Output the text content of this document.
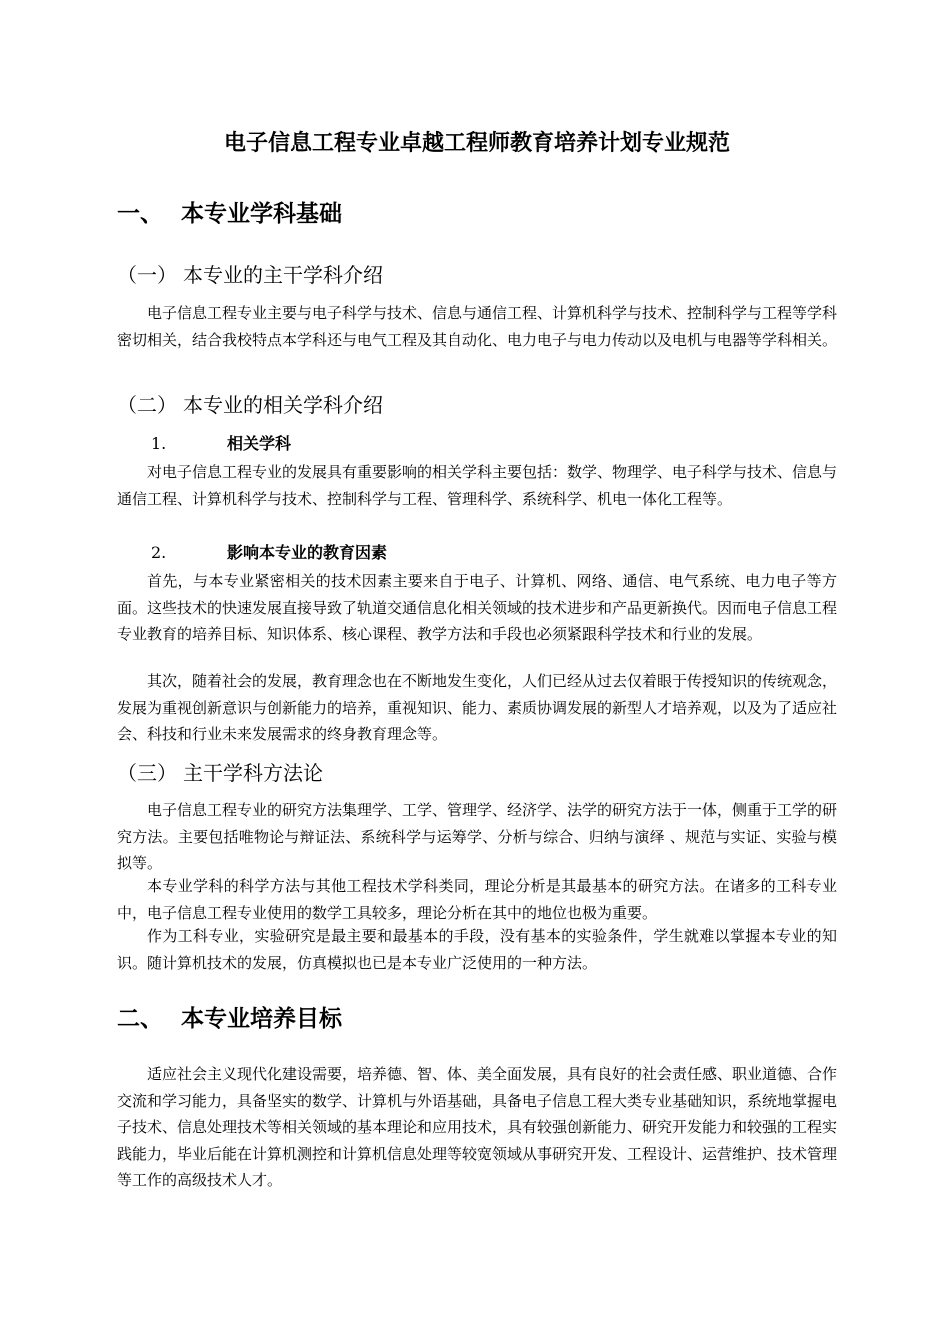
电子信息工程专业卓越工程师教育培养计划专业规范
一、 本专业学科基础
（一） 本专业的主干学科介绍

电子信息工程专业主要与电子科学与技术、信息与通信工程、计算机科学与技术、控制科学与工程等学科密切相关，结合我校特点本学科还与电气工程及其自动化、电力电子与电力传动以及电机与电器等学科相关。

（二） 本专业的相关学科介绍
1.	相关学科

对电子信息工程专业的发展具有重要影响的相关学科主要包括：数学、物理学、电子科学与技术、信息与通信工程、计算机科学与技术、控制科学与工程、管理科学、系统科学、机电一体化工程等。

2.	影响本专业的教育因素

首先，与本专业紧密相关的技术因素主要来自于电子、计算机、网络、通信、电气系统、电力电子等方面。这些技术的快速发展直接导致了轨道交通信息化相关领域的技术进步和产品更新换代。因而电子信息工程专业教育的培养目标、知识体系、核心课程、教学方法和手段也必须紧跟科学技术和行业的发展。

其次，随着社会的发展，教育理念也在不断地发生变化，人们已经从过去仅着眼于传授知识的传统观念，发展为重视创新意识与创新能力的培养，重视知识、能力、素质协调发展的新型人才培养观，以及为了适应社会、科技和行业未来发展需求的终身教育理念等。

（三） 主干学科方法论

电子信息工程专业的研究方法集理学、工学、管理学、经济学、法学的研究方法于一体，侧重于工学的研究方法。主要包括唯物论与辩证法、系统科学与运筹学、分析与综合、归纳与演绎 、规范与实证、实验与模拟等。

本专业学科的科学方法与其他工程技术学科类同，理论分析是其最基本的研究方法。在诸多的工科专业中，电子信息工程专业使用的数学工具较多，理论分析在其中的地位也极为重要。

作为工科专业，实验研究是最主要和最基本的手段，没有基本的实验条件，学生就难以掌握本专业的知识。随计算机技术的发展，仿真模拟也已是本专业广泛使用的一种方法。

二、 本专业培养目标

适应社会主义现代化建设需要，培养德、智、体、美全面发展，具有良好的社会责任感、职业道德、合作交流和学习能力，具备坚实的数学、计算机与外语基础，具备电子信息工程大类专业基础知识，系统地掌握电子技术、信息处理技术等相关领域的基本理论和应用技术，具有较强创新能力、研究开发能力和较强的工程实践能力，毕业后能在计算机测控和计算机信息处理等较宽领域从事研究开发、工程设计、运营维护、技术管理等工作的高级技术人才。
